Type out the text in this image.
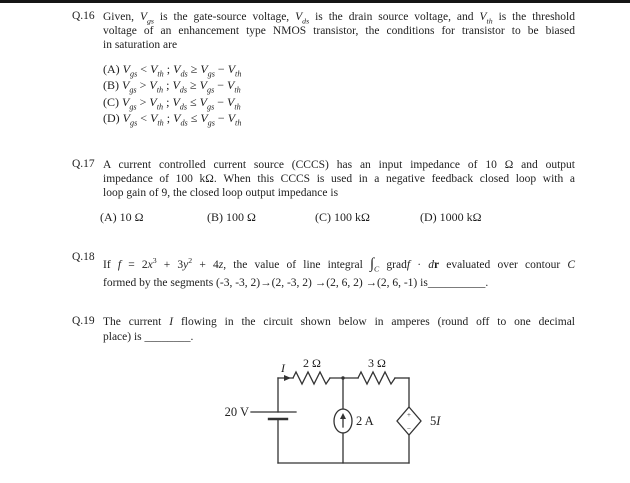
Q.16 Given, $V_{gs}$ is the gate-source voltage, $V_{ds}$ is the drain source voltage, and $V_{th}$ is the threshold
voltage of an enhancement type NMOS transistor, the conditions for transistor to be biased
in saturation are
(A) $V_{gs} < V_{th}$ ; $V_{ds} \ge V_{gs} - V_{th}$
(B) $V_{gs} > V_{th}$ ; $V_{ds} \ge V_{gs} - V_{th}$
(C) $V_{gs} > V_{th}$ ; $V_{ds} \le V_{gs} - V_{th}$
(D) $V_{gs} < V_{th}$ ; $V_{ds} \le V_{gs} - V_{th}$
Q.17 A current controlled current source (CCCS) has an input impedance of 10 Ω and output
impedance of 100 kΩ. When this CCCS is used in a negative feedback closed loop with a
loop gain of 9, the closed loop output impedance is
(A) 10 Ω	(B) 100 Ω	(C) 100 kΩ	(D) 1000 kΩ
Q.18
If $f = 2x^3 + 3y^2 + 4z$, the value of line integral $\int_C$ gradf · dr evaluated over contour C
formed by the segments (-3, -3, 2)→(2, -3, 2) →(2, 6, 2) →(2, 6, -1) is__________.
Q.19 The current I flowing in the circuit shown below in amperes (round off to one decimal
place) is ________.
20 V
I 2 Ω	3 Ω
2 A	+
−
5I
